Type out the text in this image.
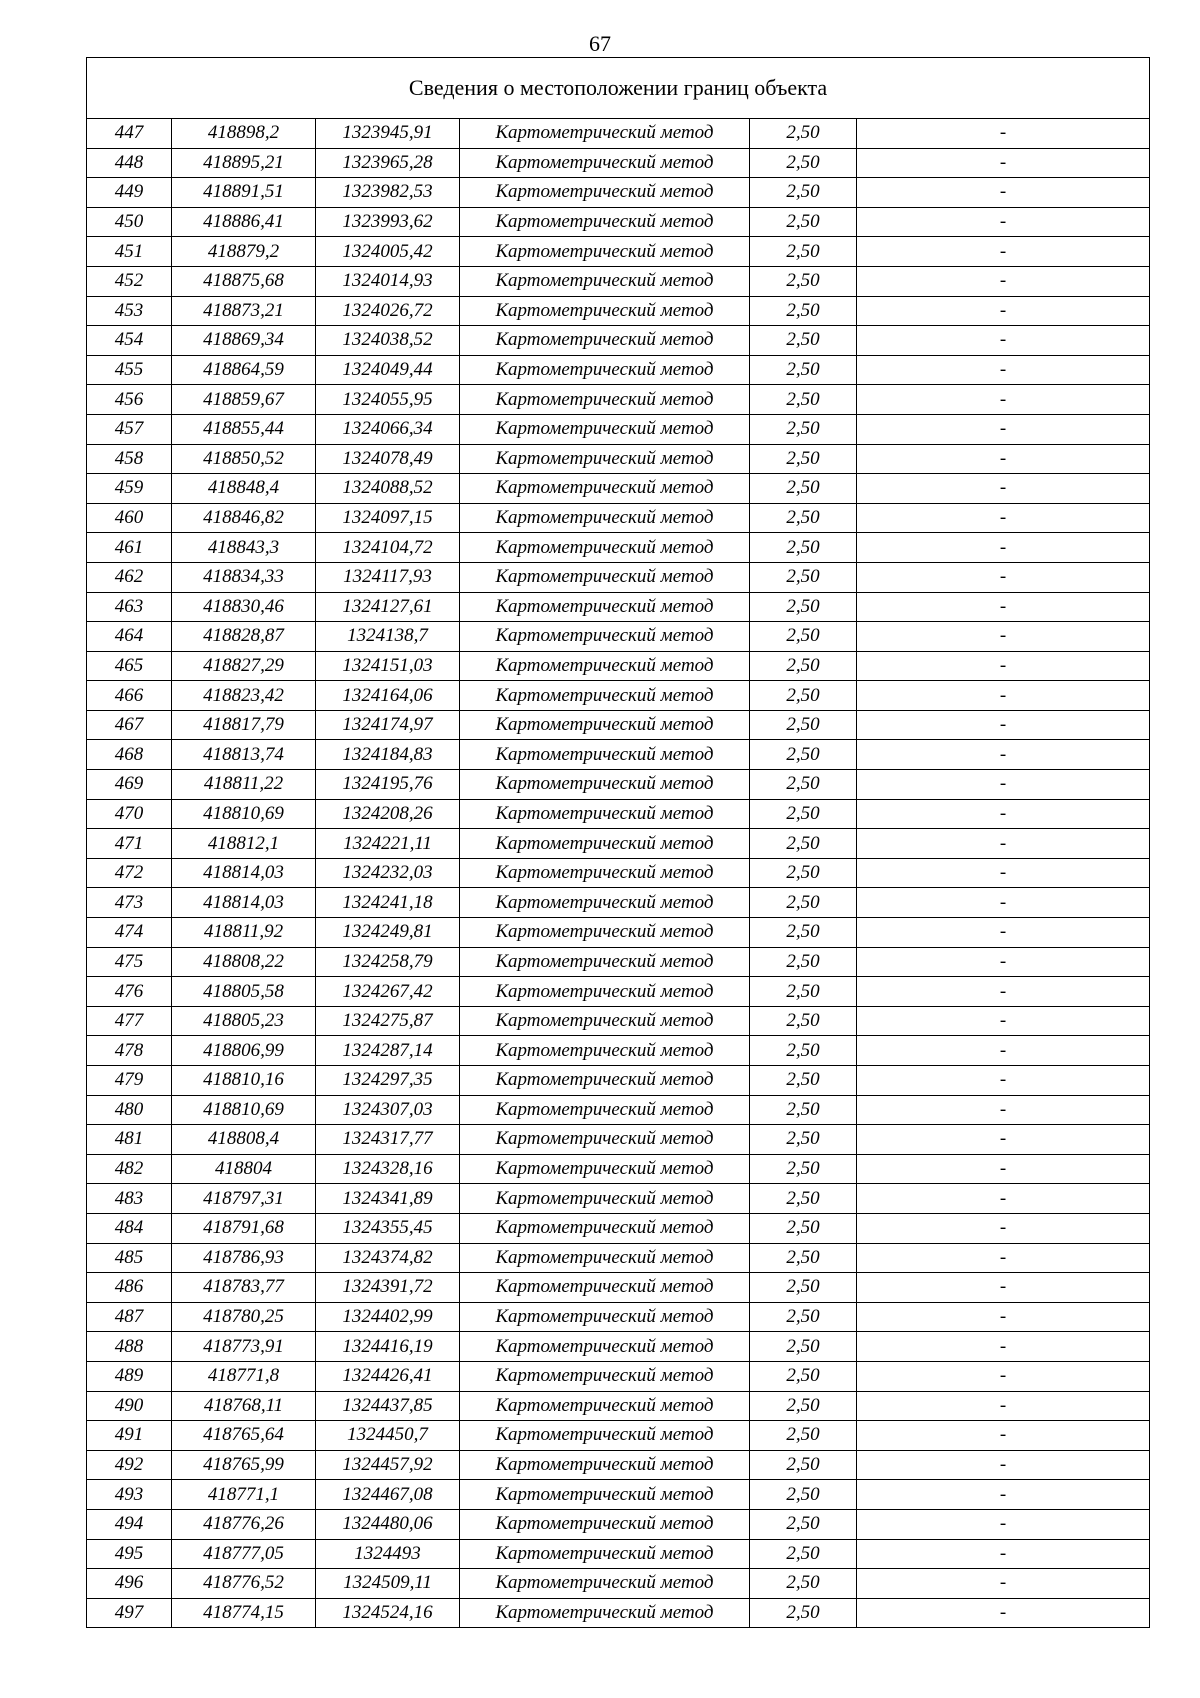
67
Сведения о местоположении границ объекта					
447	418898,2	1323945,91	Картометрический метод	2,50	-
448	418895,21	1323965,28	Картометрический метод	2,50	-
449	418891,51	1323982,53	Картометрический метод	2,50	-
450	418886,41	1323993,62	Картометрический метод	2,50	-
451	418879,2	1324005,42	Картометрический метод	2,50	-
452	418875,68	1324014,93	Картометрический метод	2,50	-
453	418873,21	1324026,72	Картометрический метод	2,50	-
454	418869,34	1324038,52	Картометрический метод	2,50	-
455	418864,59	1324049,44	Картометрический метод	2,50	-
456	418859,67	1324055,95	Картометрический метод	2,50	-
457	418855,44	1324066,34	Картометрический метод	2,50	-
458	418850,52	1324078,49	Картометрический метод	2,50	-
459	418848,4	1324088,52	Картометрический метод	2,50	-
460	418846,82	1324097,15	Картометрический метод	2,50	-
461	418843,3	1324104,72	Картометрический метод	2,50	-
462	418834,33	1324117,93	Картометрический метод	2,50	-
463	418830,46	1324127,61	Картометрический метод	2,50	-
464	418828,87	1324138,7	Картометрический метод	2,50	-
465	418827,29	1324151,03	Картометрический метод	2,50	-
466	418823,42	1324164,06	Картометрический метод	2,50	-
467	418817,79	1324174,97	Картометрический метод	2,50	-
468	418813,74	1324184,83	Картометрический метод	2,50	-
469	418811,22	1324195,76	Картометрический метод	2,50	-
470	418810,69	1324208,26	Картометрический метод	2,50	-
471	418812,1	1324221,11	Картометрический метод	2,50	-
472	418814,03	1324232,03	Картометрический метод	2,50	-
473	418814,03	1324241,18	Картометрический метод	2,50	-
474	418811,92	1324249,81	Картометрический метод	2,50	-
475	418808,22	1324258,79	Картометрический метод	2,50	-
476	418805,58	1324267,42	Картометрический метод	2,50	-
477	418805,23	1324275,87	Картометрический метод	2,50	-
478	418806,99	1324287,14	Картометрический метод	2,50	-
479	418810,16	1324297,35	Картометрический метод	2,50	-
480	418810,69	1324307,03	Картометрический метод	2,50	-
481	418808,4	1324317,77	Картометрический метод	2,50	-
482	418804	1324328,16	Картометрический метод	2,50	-
483	418797,31	1324341,89	Картометрический метод	2,50	-
484	418791,68	1324355,45	Картометрический метод	2,50	-
485	418786,93	1324374,82	Картометрический метод	2,50	-
486	418783,77	1324391,72	Картометрический метод	2,50	-
487	418780,25	1324402,99	Картометрический метод	2,50	-
488	418773,91	1324416,19	Картометрический метод	2,50	-
489	418771,8	1324426,41	Картометрический метод	2,50	-
490	418768,11	1324437,85	Картометрический метод	2,50	-
491	418765,64	1324450,7	Картометрический метод	2,50	-
492	418765,99	1324457,92	Картометрический метод	2,50	-
493	418771,1	1324467,08	Картометрический метод	2,50	-
494	418776,26	1324480,06	Картометрический метод	2,50	-
495	418777,05	1324493	Картометрический метод	2,50	-
496	418776,52	1324509,11	Картометрический метод	2,50	-
497	418774,15	1324524,16	Картометрический метод	2,50	-
